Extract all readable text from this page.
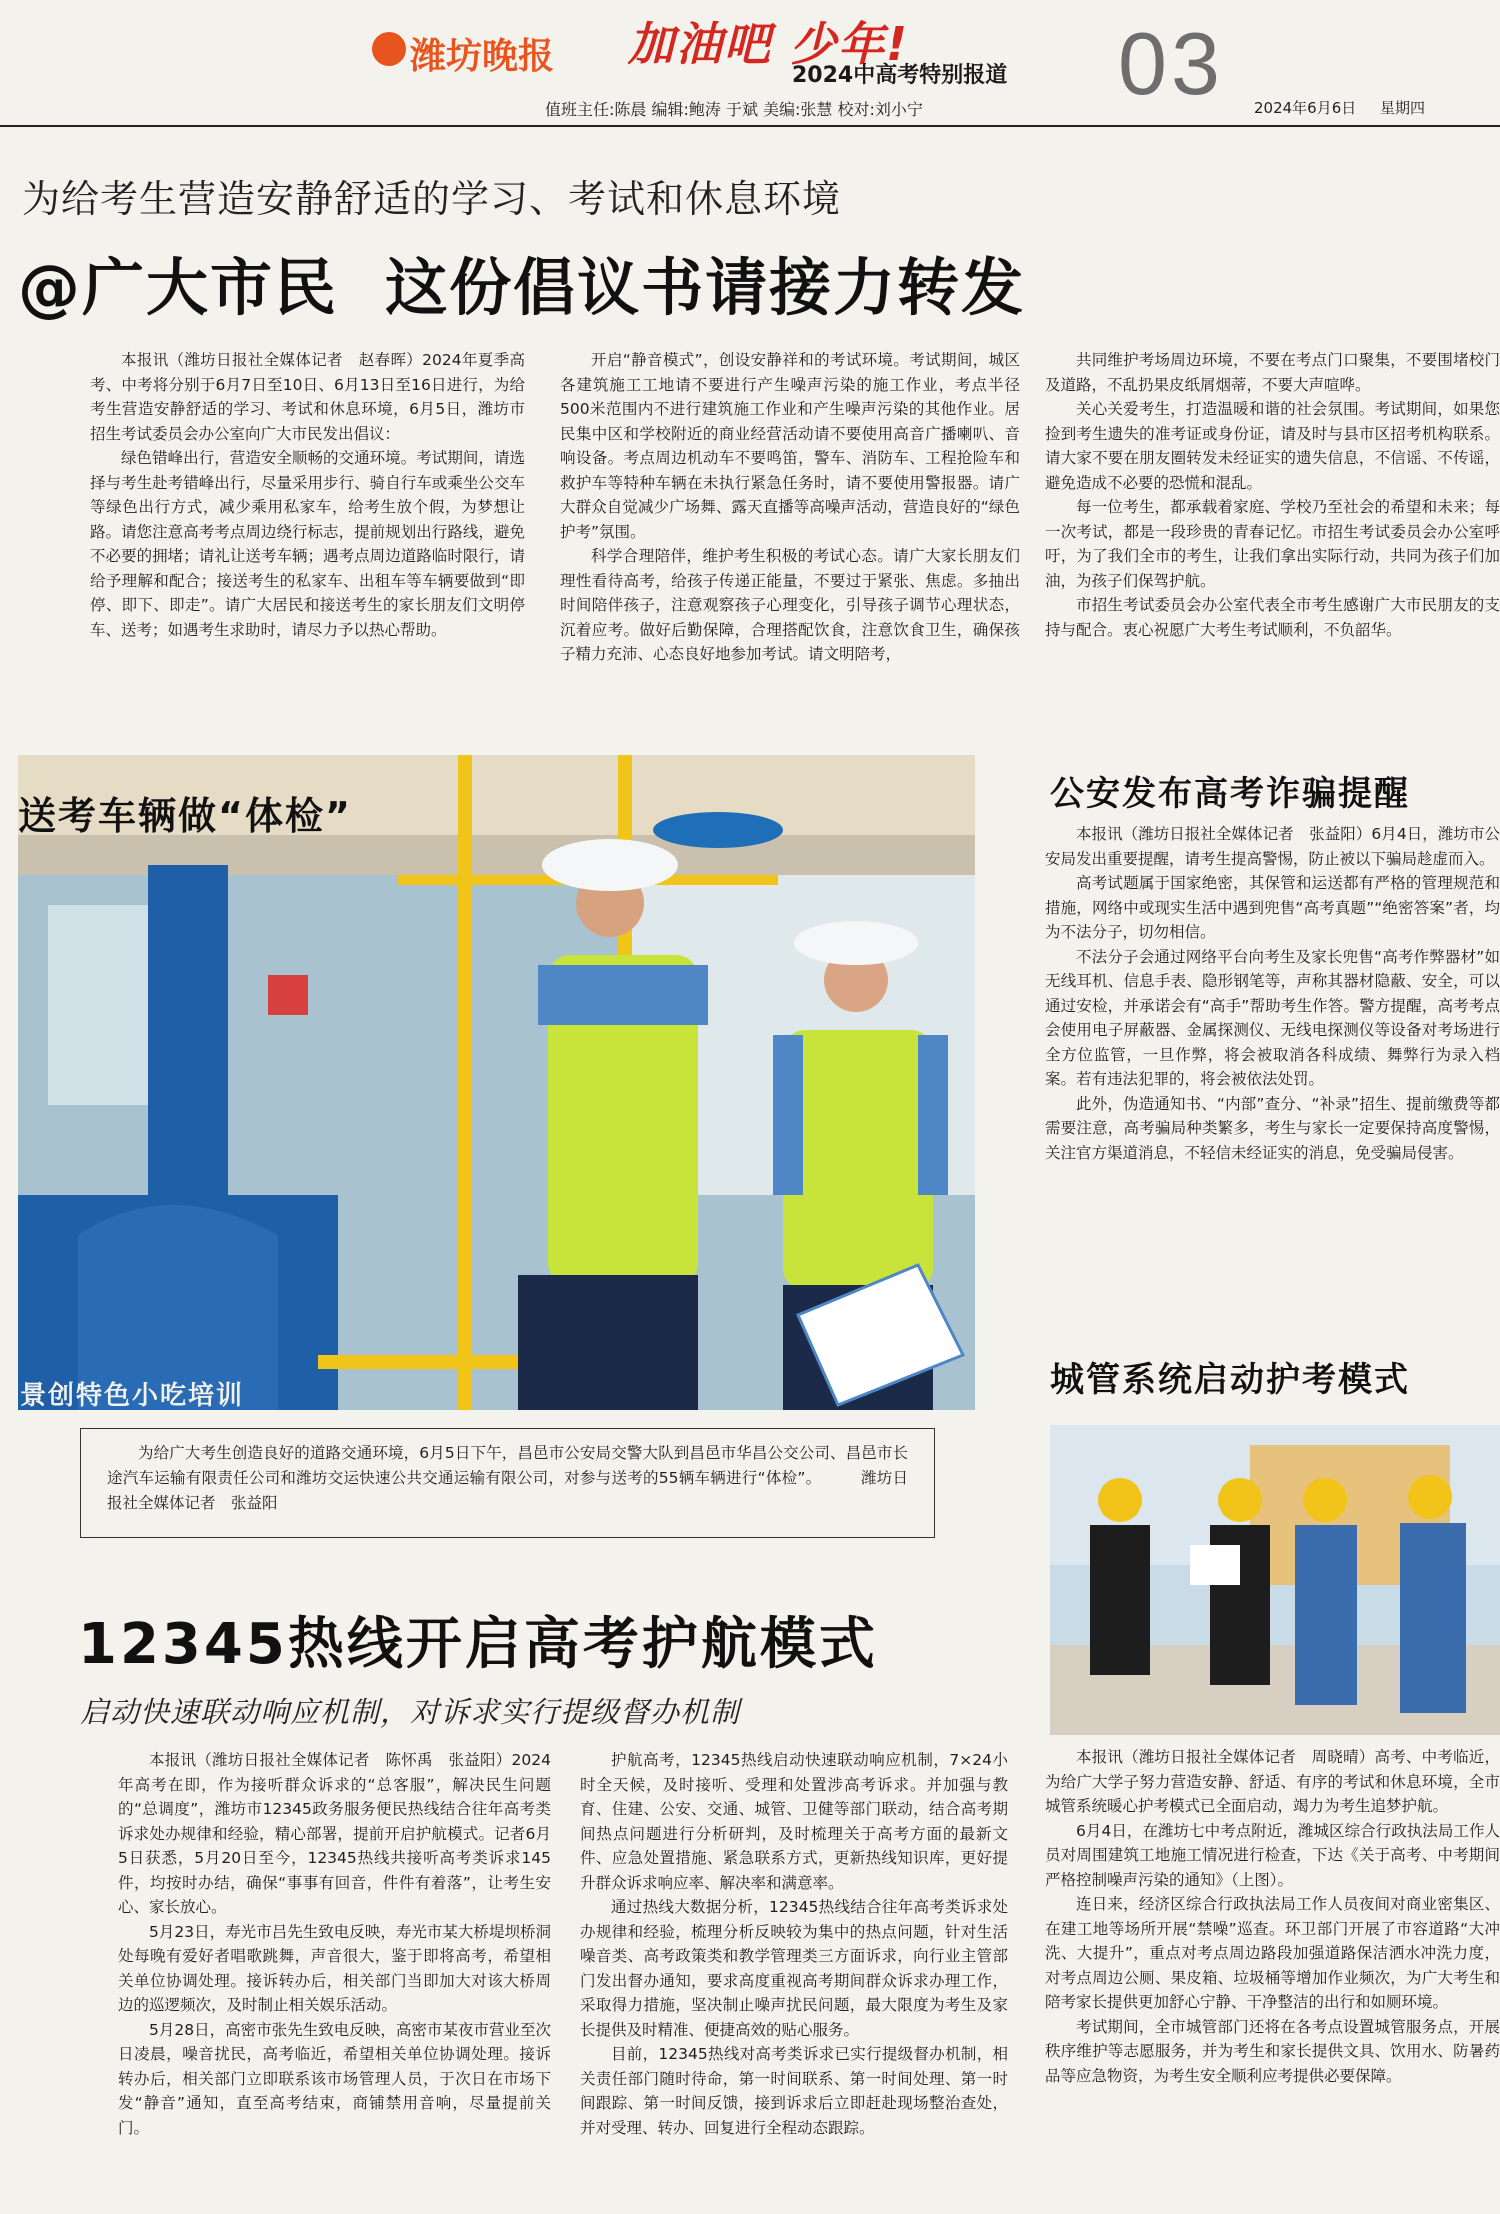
潍坊晚报 加油吧 少年!
2024中高考特别报道 03
值班主任:陈晨 编辑:鲍涛 于斌 美编:张慧 校对:刘小宁	2024年6月6日 星期四
为给考生营造安静舒适的学习、考试和休息环境
@广大市民  这份倡议书请接力转发

本报讯（潍坊日报社全媒体记者　赵春晖）2024年夏季高考、中考将分别于6月7日至10日、6月13日至16日进行，为给考生营造安静舒适的学习、考试和休息环境，6月5日，潍坊市招生考试委员会办公室向广大市民发出倡议：

绿色错峰出行，营造安全顺畅的交通环境。考试期间，请选择与考生赴考错峰出行，尽量采用步行、骑自行车或乘坐公交车等绿色出行方式，减少乘用私家车，给考生放个假，为梦想让路。请您注意高考考点周边绕行标志，提前规划出行路线，避免不必要的拥堵；请礼让送考车辆；遇考点周边道路临时限行，请给予理解和配合；接送考生的私家车、出租车等车辆要做到“即停、即下、即走”。请广大居民和接送考生的家长朋友们文明停车、送考；如遇考生求助时，请尽力予以热心帮助。

开启“静音模式”，创设安静祥和的考试环境。考试期间，城区各建筑施工工地请不要进行产生噪声污染的施工作业，考点半径500米范围内不进行建筑施工作业和产生噪声污染的其他作业。居民集中区和学校附近的商业经营活动请不要使用高音广播喇叭、音响设备。考点周边机动车不要鸣笛，警车、消防车、工程抢险车和救护车等特种车辆在未执行紧急任务时，请不要使用警报器。请广大群众自觉减少广场舞、露天直播等高噪声活动，营造良好的“绿色护考”氛围。

科学合理陪伴，维护考生积极的考试心态。请广大家长朋友们理性看待高考，给孩子传递正能量，不要过于紧张、焦虑。多抽出时间陪伴孩子，注意观察孩子心理变化，引导孩子调节心理状态，沉着应考。做好后勤保障，合理搭配饮食，注意饮食卫生，确保孩子精力充沛、心态良好地参加考试。请文明陪考，

共同维护考场周边环境，不要在考点门口聚集，不要围堵校门及道路，不乱扔果皮纸屑烟蒂，不要大声喧哗。

关心关爱考生，打造温暖和谐的社会氛围。考试期间，如果您捡到考生遗失的准考证或身份证，请及时与县市区招考机构联系。请大家不要在朋友圈转发未经证实的遗失信息，不信谣、不传谣，避免造成不必要的恐慌和混乱。

每一位考生，都承载着家庭、学校乃至社会的希望和未来；每一次考试，都是一段珍贵的青春记忆。市招生考试委员会办公室呼吁，为了我们全市的考生，让我们拿出实际行动，共同为孩子们加油，为孩子们保驾护航。

市招生考试委员会办公室代表全市考生感谢广大市民朋友的支持与配合。衷心祝愿广大考生考试顺利，不负韶华。

送考车辆做“体检”
景创特色小吃培训
为给广大考生创造良好的道路交通环境，6月5日下午，昌邑市公安局交警大队到昌邑市华昌公交公司、昌邑市长途汽车运输有限责任公司和潍坊交运快速公共交通运输有限公司，对参与送考的55辆车辆进行“体检”。　　　潍坊日报社全媒体记者　张益阳
公安发布高考诈骗提醒

本报讯（潍坊日报社全媒体记者　张益阳）6月4日，潍坊市公安局发出重要提醒，请考生提高警惕，防止被以下骗局趁虚而入。

高考试题属于国家绝密，其保管和运送都有严格的管理规范和措施，网络中或现实生活中遇到兜售“高考真题”“绝密答案”者，均为不法分子，切勿相信。

不法分子会通过网络平台向考生及家长兜售“高考作弊器材”如无线耳机、信息手表、隐形钢笔等，声称其器材隐蔽、安全，可以通过安检，并承诺会有“高手”帮助考生作答。警方提醒，高考考点会使用电子屏蔽器、金属探测仪、无线电探测仪等设备对考场进行全方位监管，一旦作弊，将会被取消各科成绩、舞弊行为录入档案。若有违法犯罪的，将会被依法处罚。

此外，伪造通知书、“内部”查分、“补录”招生、提前缴费等都需要注意，高考骗局种类繁多，考生与家长一定要保持高度警惕，关注官方渠道消息，不轻信未经证实的消息，免受骗局侵害。

城管系统启动护考模式

本报讯（潍坊日报社全媒体记者　周晓晴）高考、中考临近，为给广大学子努力营造安静、舒适、有序的考试和休息环境，全市城管系统暖心护考模式已全面启动，竭力为考生追梦护航。

6月4日，在潍坊七中考点附近，潍城区综合行政执法局工作人员对周围建筑工地施工情况进行检查，下达《关于高考、中考期间严格控制噪声污染的通知》（上图）。

连日来，经济区综合行政执法局工作人员夜间对商业密集区、在建工地等场所开展“禁噪”巡查。环卫部门开展了市容道路“大冲洗、大提升”，重点对考点周边路段加强道路保洁洒水冲洗力度，对考点周边公厕、果皮箱、垃圾桶等增加作业频次，为广大考生和陪考家长提供更加舒心宁静、干净整洁的出行和如厕环境。

考试期间，全市城管部门还将在各考点设置城管服务点，开展秩序维护等志愿服务，并为考生和家长提供文具、饮用水、防暑药品等应急物资，为考生安全顺利应考提供必要保障。

12345热线开启高考护航模式
启动快速联动响应机制，对诉求实行提级督办机制

本报讯（潍坊日报社全媒体记者　陈怀禹　张益阳）2024年高考在即，作为接听群众诉求的“总客服”，解决民生问题的“总调度”，潍坊市12345政务服务便民热线结合往年高考类诉求处办规律和经验，精心部署，提前开启护航模式。记者6月5日获悉，5月20日至今，12345热线共接听高考类诉求145件，均按时办结，确保“事事有回音，件件有着落”，让考生安心、家长放心。

5月23日，寿光市吕先生致电反映，寿光市某大桥堤坝桥洞处每晚有爱好者唱歌跳舞，声音很大，鉴于即将高考，希望相关单位协调处理。接诉转办后，相关部门当即加大对该大桥周边的巡逻频次，及时制止相关娱乐活动。

5月28日，高密市张先生致电反映，高密市某夜市营业至次日凌晨，噪音扰民，高考临近，希望相关单位协调处理。接诉转办后，相关部门立即联系该市场管理人员，于次日在市场下发“静音”通知，直至高考结束，商铺禁用音响，尽量提前关门。

护航高考，12345热线启动快速联动响应机制，7×24小时全天候，及时接听、受理和处置涉高考诉求。并加强与教育、住建、公安、交通、城管、卫健等部门联动，结合高考期间热点问题进行分析研判，及时梳理关于高考方面的最新文件、应急处置措施、紧急联系方式，更新热线知识库，更好提升群众诉求响应率、解决率和满意率。

通过热线大数据分析，12345热线结合往年高考类诉求处办规律和经验，梳理分析反映较为集中的热点问题，针对生活噪音类、高考政策类和教学管理类三方面诉求，向行业主管部门发出督办通知，要求高度重视高考期间群众诉求办理工作，采取得力措施，坚决制止噪声扰民问题，最大限度为考生及家长提供及时精准、便捷高效的贴心服务。

目前，12345热线对高考类诉求已实行提级督办机制，相关责任部门随时待命，第一时间联系、第一时间处理、第一时间跟踪、第一时间反馈，接到诉求后立即赶赴现场整治查处，并对受理、转办、回复进行全程动态跟踪。
